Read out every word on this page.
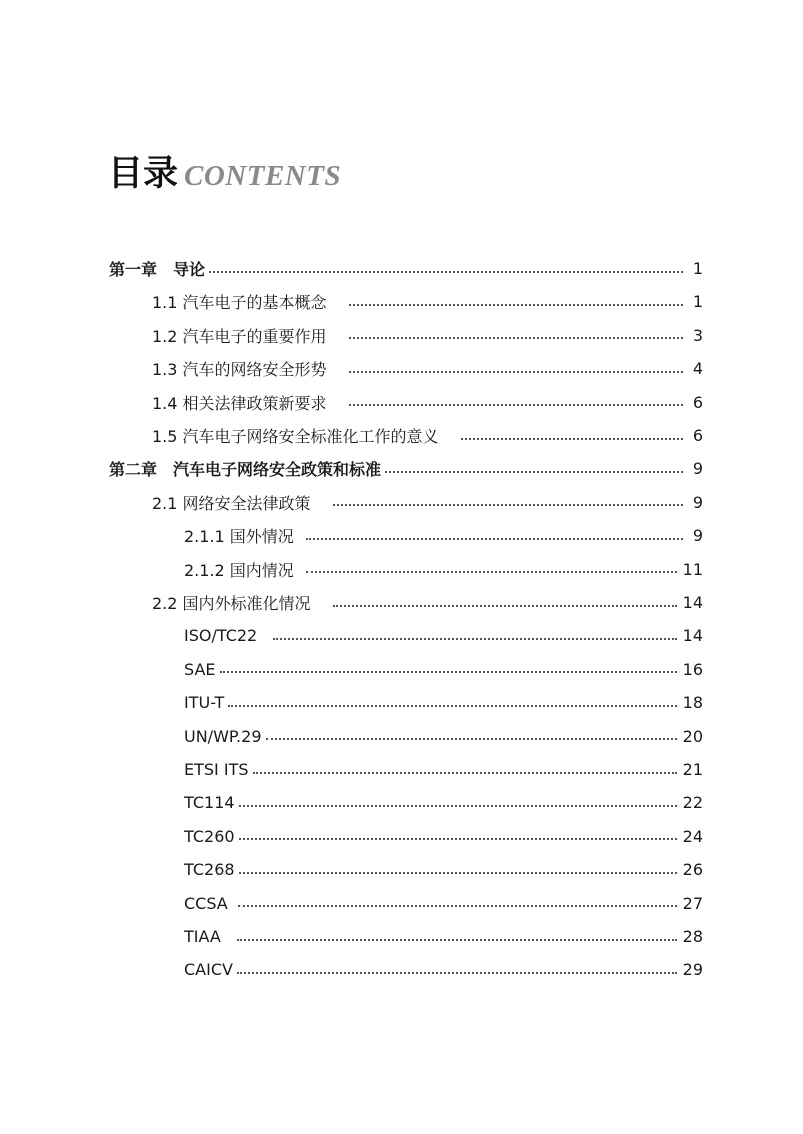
目录 CONTENTS
第一章　导论	1
1.1 汽车电子的基本概念	1
1.2 汽车电子的重要作用	3
1.3 汽车的网络安全形势	4
1.4 相关法律政策新要求	6
1.5 汽车电子网络安全标准化工作的意义	6
第二章　汽车电子网络安全政策和标准	9
2.1 网络安全法律政策	9
2.1.1 国外情况	9
2.1.2 国内情况	11
2.2 国内外标准化情况	14
ISO/TC22	14
SAE	16
ITU-T	18
UN/WP.29	20
ETSI ITS	21
TC114	22
TC260	24
TC268	26
CCSA	27
TIAA	28
CAICV	29
